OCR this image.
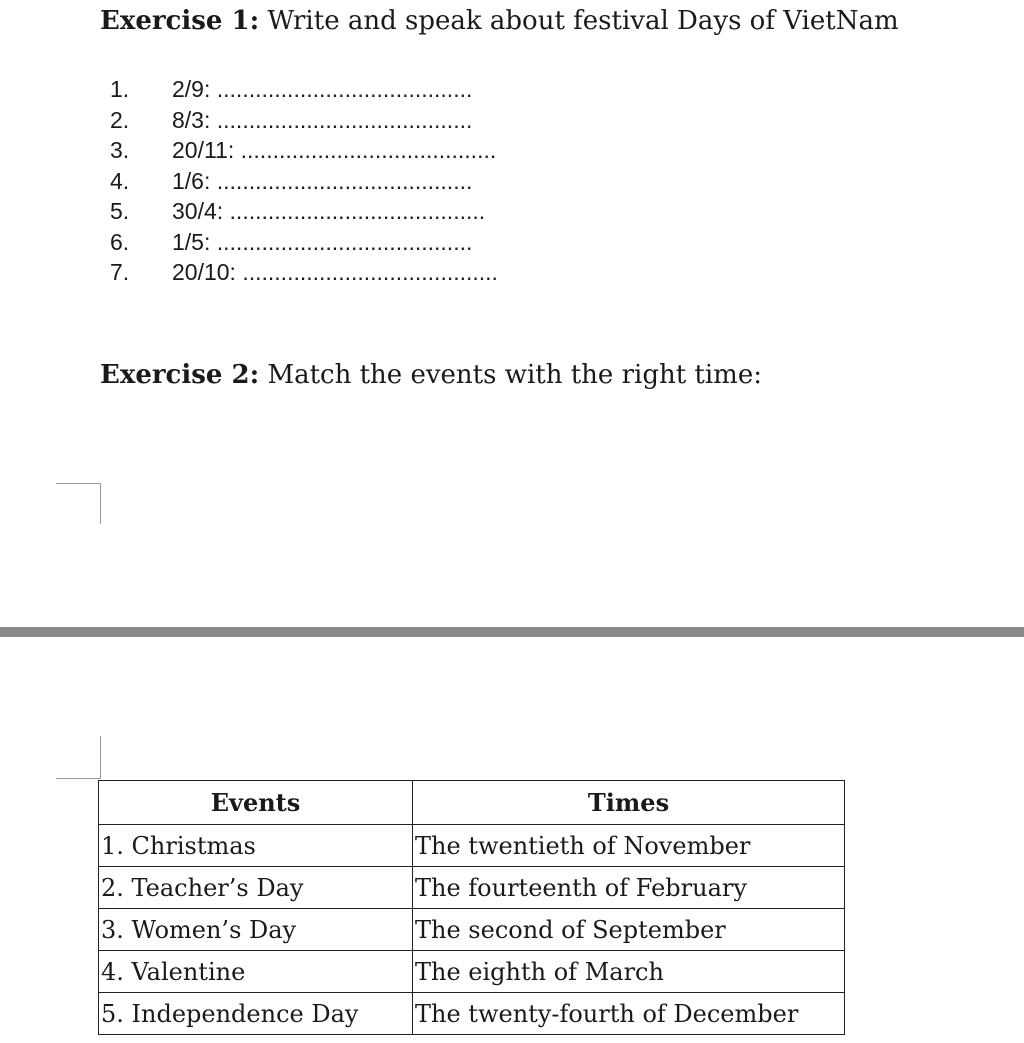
Exercise 1: Write and speak about festival Days of VietNam
1. 2/9: ........................................
2. 8/3: ........................................
3. 20/11: ........................................
4. 1/6: ........................................
5. 30/4: ........................................
6. 1/5: ........................................
7. 20/10: ........................................
Exercise 2: Match the events with the right time:
Events	Times
1. Christmas	The twentieth of November
2. Teacher’s Day	The fourteenth of February
3. Women’s Day	The second of September
4. Valentine	The eighth of March
5. Independence Day	The twenty-fourth of December
